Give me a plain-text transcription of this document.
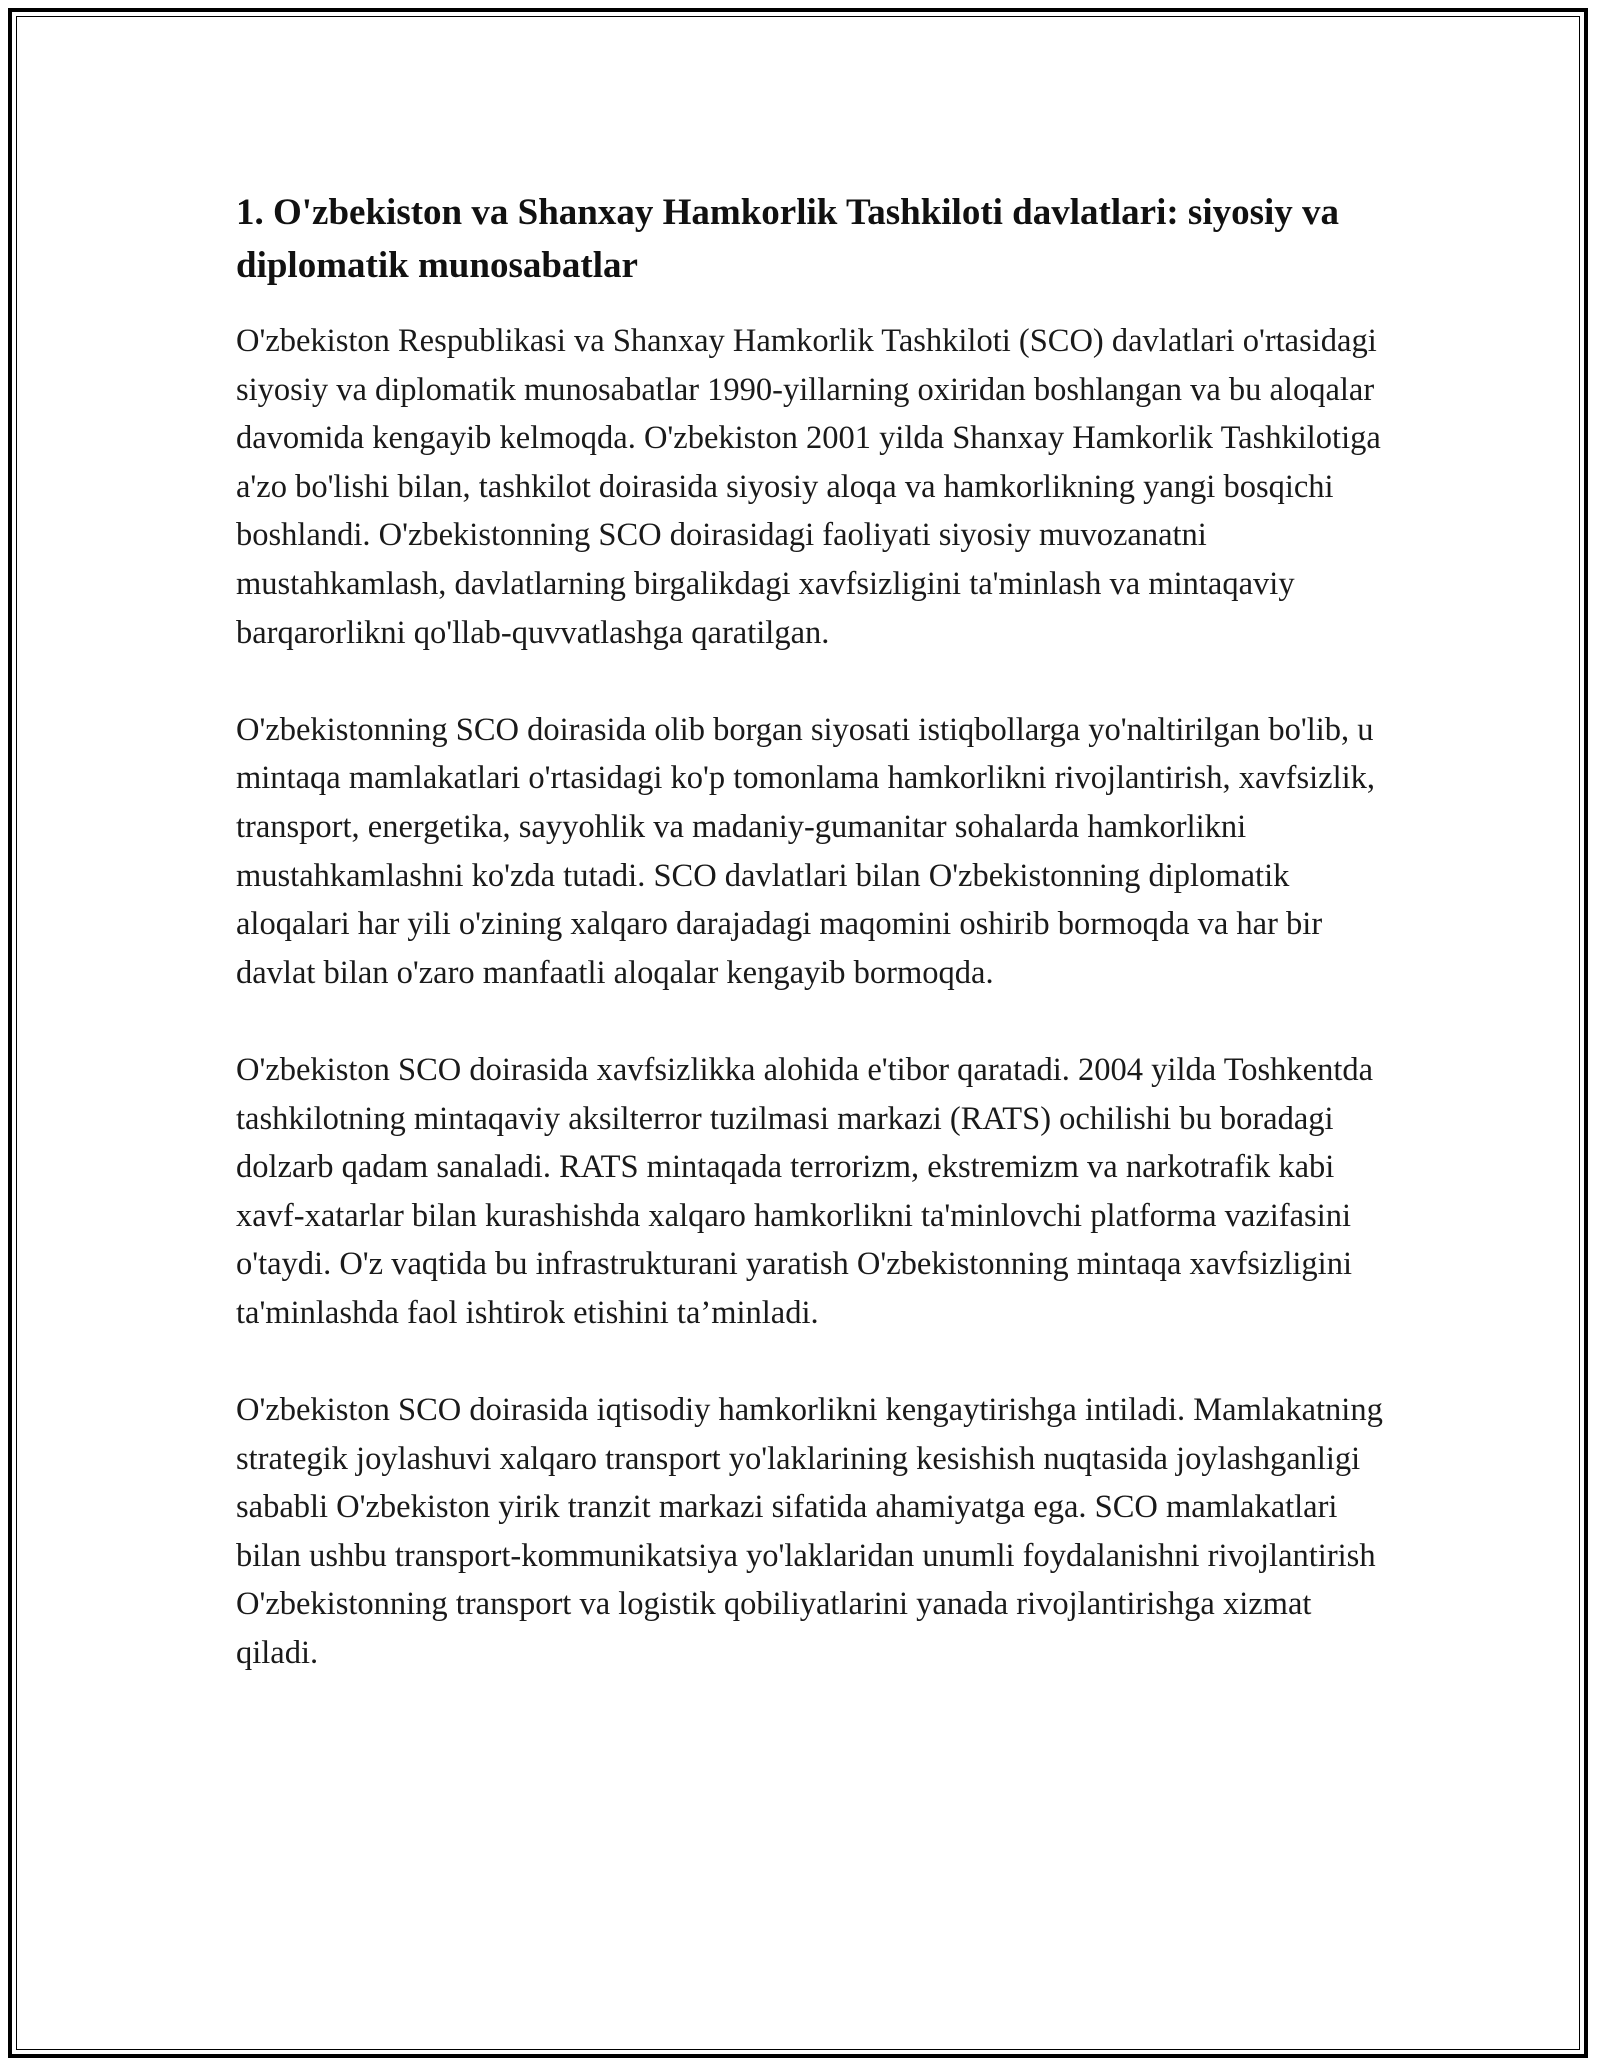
1. O'zbekiston va Shanxay Hamkorlik Tashkiloti davlatlari: siyosiy va diplomatik munosabatlar

O'zbekiston Respublikasi va Shanxay Hamkorlik Tashkiloti (SCO) davlatlari o'rtasidagi siyosiy va diplomatik munosabatlar 1990-yillarning oxiridan boshlangan va bu aloqalar davomida kengayib kelmoqda. O'zbekiston 2001 yilda Shanxay Hamkorlik Tashkilotiga a'zo bo'lishi bilan, tashkilot doirasida siyosiy aloqa va hamkorlikning yangi bosqichi boshlandi. O'zbekistonning SCO doirasidagi faoliyati siyosiy muvozanatni mustahkamlash, davlatlarning birgalikdagi xavfsizligini ta'minlash va mintaqaviy barqarorlikni qo'llab-quvvatlashga qaratilgan.

O'zbekistonning SCO doirasida olib borgan siyosati istiqbollarga yo'naltirilgan bo'lib, u mintaqa mamlakatlari o'rtasidagi ko'p tomonlama hamkorlikni rivojlantirish, xavfsizlik, transport, energetika, sayyohlik va madaniy-gumanitar sohalarda hamkorlikni mustahkamlashni ko'zda tutadi. SCO davlatlari bilan O'zbekistonning diplomatik aloqalari har yili o'zining xalqaro darajadagi maqomini oshirib bormoqda va har bir davlat bilan o'zaro manfaatli aloqalar kengayib bormoqda.

O'zbekiston SCO doirasida xavfsizlikka alohida e'tibor qaratadi. 2004 yilda Toshkentda tashkilotning mintaqaviy aksilterror tuzilmasi markazi (RATS) ochilishi bu boradagi dolzarb qadam sanaladi. RATS mintaqada terrorizm, ekstremizm va narkotrafik kabi xavf-xatarlar bilan kurashishda xalqaro hamkorlikni ta'minlovchi platforma vazifasini o'taydi. O'z vaqtida bu infrastrukturani yaratish O'zbekistonning mintaqa xavfsizligini ta'minlashda faol ishtirok etishini ta’minladi.

O'zbekiston SCO doirasida iqtisodiy hamkorlikni kengaytirishga intiladi. Mamlakatning strategik joylashuvi xalqaro transport yo'laklarining kesishish nuqtasida joylashganligi sababli O'zbekiston yirik tranzit markazi sifatida ahamiyatga ega. SCO mamlakatlari bilan ushbu transport-kommunikatsiya yo'laklaridan unumli foydalanishni rivojlantirish O'zbekistonning transport va logistik qobiliyatlarini yanada rivojlantirishga xizmat qiladi.
